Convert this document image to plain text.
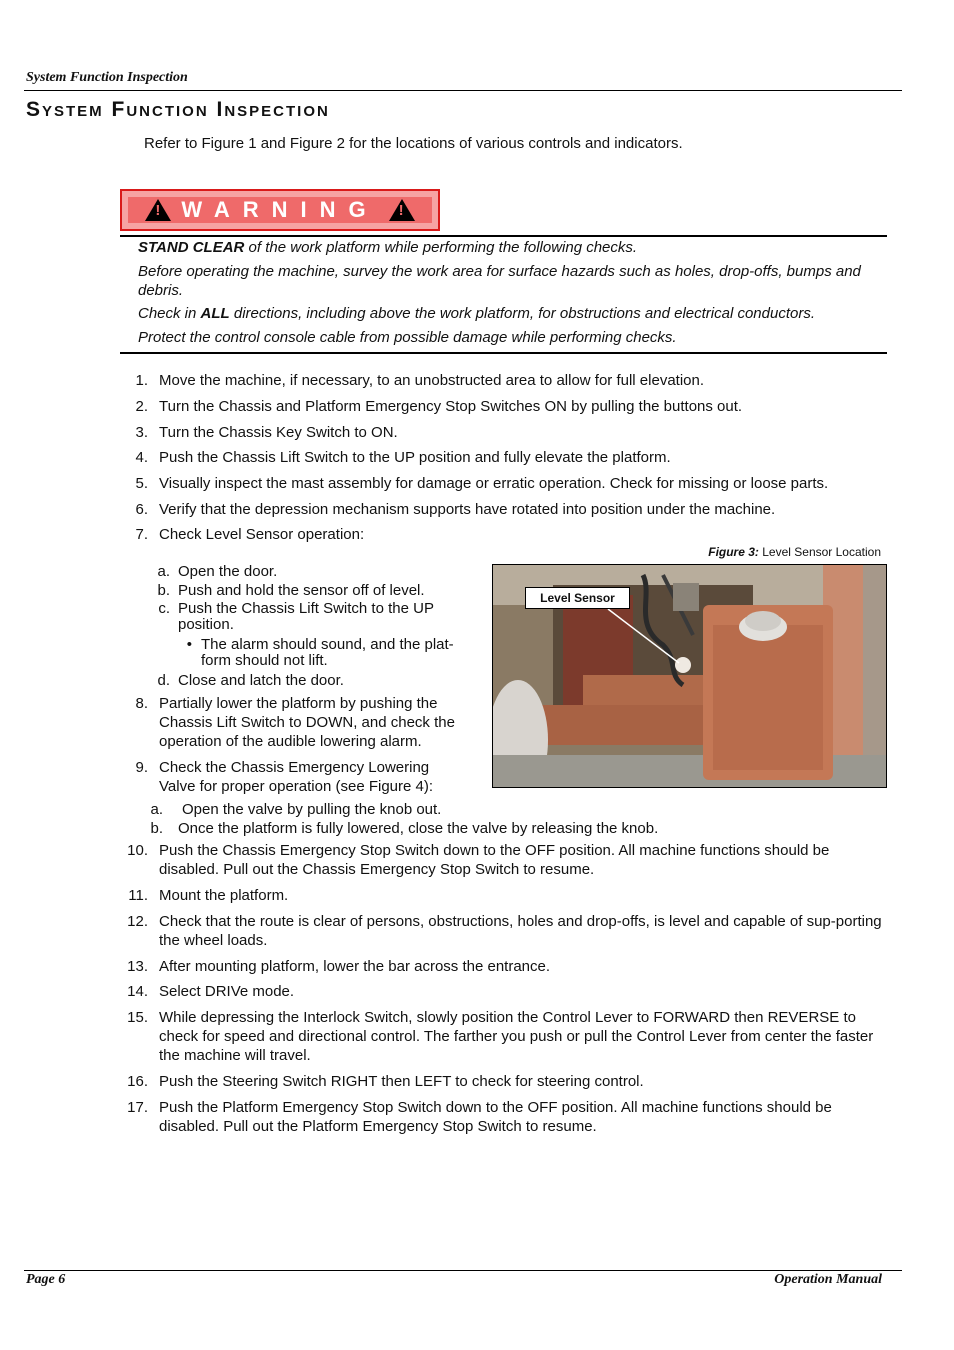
System Function Inspection
System Function Inspection
Refer to Figure 1 and Figure 2 for the locations of various controls and indicators.
! WARNING !
STAND CLEAR of the work platform while performing the following checks.
Before operating the machine, survey the work area for surface hazards such as holes, drop-offs, bumps and debris.
Check in ALL directions, including above the work platform, for obstructions and electrical conductors.
Protect the control console cable from possible damage while performing checks.
1. Move the machine, if necessary, to an unobstructed area to allow for full elevation.
2. Turn the Chassis and Platform Emergency Stop Switches ON by pulling the buttons out.
3. Turn the Chassis Key Switch to ON.
4. Push the Chassis Lift Switch to the UP position and fully elevate the platform.
5. Visually inspect the mast assembly for damage or erratic operation. Check for missing or loose parts.
6. Verify that the depression mechanism supports have rotated into position under the machine.
7. Check Level Sensor operation:
a. Open the door.
b. Push and hold the sensor off of level.
c. Push the Chassis Lift Switch to the UP position.
• The alarm should sound, and the plat-form should not lift.
d. Close and latch the door.
8. Partially lower the platform by pushing the Chassis Lift Switch to DOWN, and check the operation of the audible lowering alarm.
9. Check the Chassis Emergency Lowering Valve for proper operation (see Figure 4):
a. Open the valve by pulling the knob out.
b. Once the platform is fully lowered, close the valve by releasing the knob.
10. Push the Chassis Emergency Stop Switch down to the OFF position. All machine functions should be disabled. Pull out the Chassis Emergency Stop Switch to resume.
11. Mount the platform.
12. Check that the route is clear of persons, obstructions, holes and drop-offs, is level and capable of sup-porting the wheel loads.
13. After mounting platform, lower the bar across the entrance.
14. Select DRIVe mode.
15. While depressing the Interlock Switch, slowly position the Control Lever to FORWARD then REVERSE to check for speed and directional control. The farther you push or pull the Control Lever from center the faster the machine will travel.
16. Push the Steering Switch RIGHT then LEFT to check for steering control.
17. Push the Platform Emergency Stop Switch down to the OFF position. All machine functions should be disabled. Pull out the Platform Emergency Stop Switch to resume.
Figure 3: Level Sensor Location
Level Sensor
Page 6	Operation Manual
